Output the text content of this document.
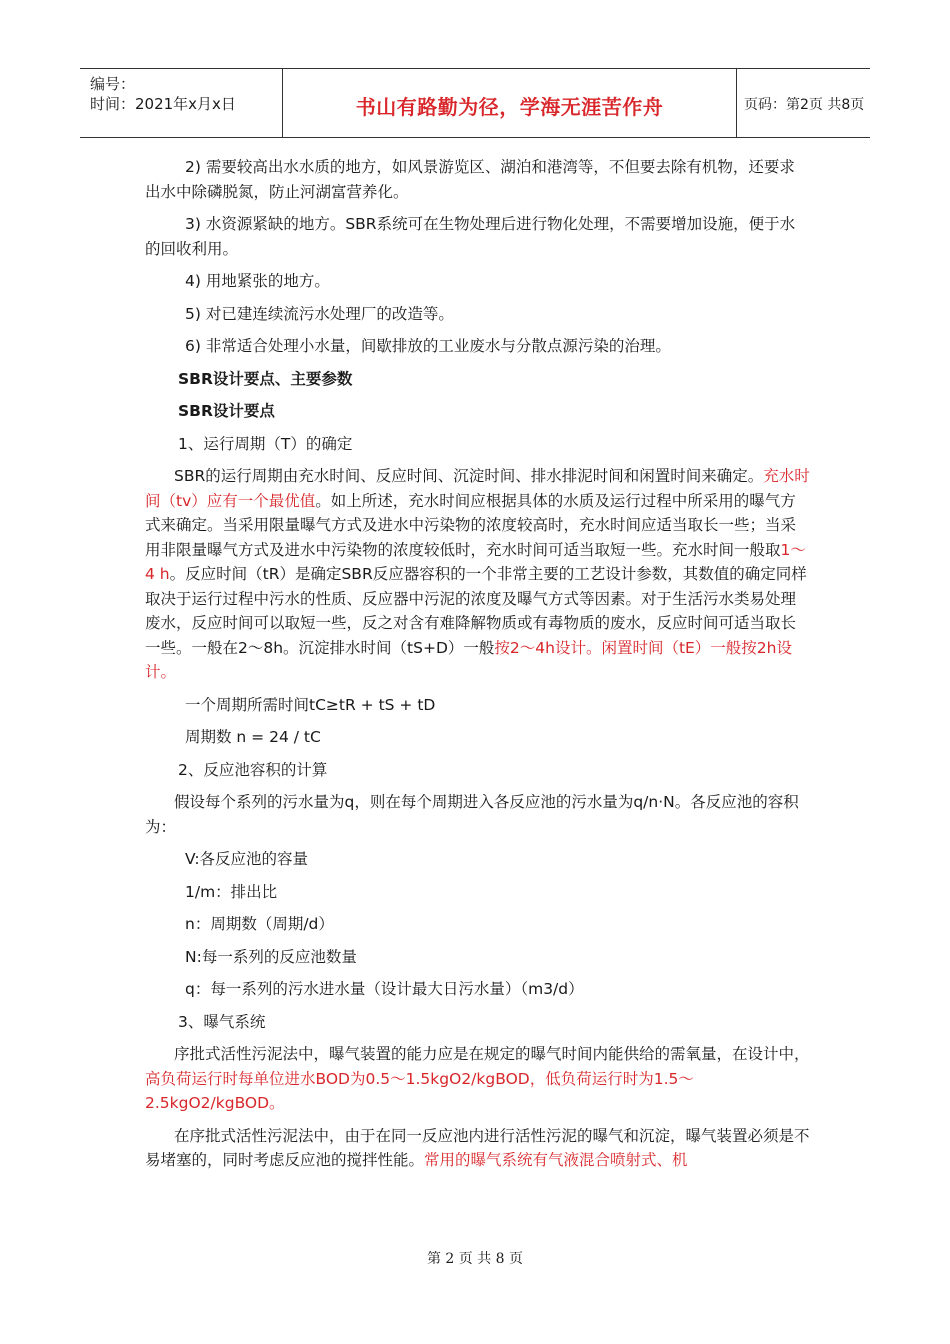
编号：
时间：2021年x月x日	书山有路勤为径，学海无涯苦作舟	页码：第2页 共8页

2) 需要较高出水水质的地方，如风景游览区、湖泊和港湾等，不但要去除有机物，还要求出水中除磷脱氮，防止河湖富营养化。

3) 水资源紧缺的地方。SBR系统可在生物处理后进行物化处理，不需要增加设施，便于水的回收利用。

4) 用地紧张的地方。

5) 对已建连续流污水处理厂的改造等。

6) 非常适合处理小水量，间歇排放的工业废水与分散点源污染的治理。

SBR设计要点、主要参数

SBR设计要点

1、运行周期（T）的确定

SBR的运行周期由充水时间、反应时间、沉淀时间、排水排泥时间和闲置时间来确定。充水时间（tv）应有一个最优值。如上所述，充水时间应根据具体的水质及运行过程中所采用的曝气方式来确定。当采用限量曝气方式及进水中污染物的浓度较高时，充水时间应适当取长一些；当采用非限量曝气方式及进水中污染物的浓度较低时，充水时间可适当取短一些。充水时间一般取1～4 h。反应时间（tR）是确定SBR反应器容积的一个非常主要的工艺设计参数，其数值的确定同样取决于运行过程中污水的性质、反应器中污泥的浓度及曝气方式等因素。对于生活污水类易处理废水，反应时间可以取短一些，反之对含有难降解物质或有毒物质的废水，反应时间可适当取长一些。一般在2～8h。沉淀排水时间（tS+D）一般按2～4h设计。闲置时间（tE）一般按2h设计。

一个周期所需时间tC≥tR + tS + tD

周期数 n = 24 / tC

2、反应池容积的计算

假设每个系列的污水量为q，则在每个周期进入各反应池的污水量为q/n·N。各反应池的容积为：

V:各反应池的容量

1/m：排出比

n：周期数（周期/d）

N:每一系列的反应池数量

q：每一系列的污水进水量（设计最大日污水量）（m3/d）

3、曝气系统

序批式活性污泥法中，曝气装置的能力应是在规定的曝气时间内能供给的需氧量，在设计中，高负荷运行时每单位进水BOD为0.5～1.5kgO2/kgBOD，低负荷运行时为1.5～2.5kgO2/kgBOD。

在序批式活性污泥法中，由于在同一反应池内进行活性污泥的曝气和沉淀，曝气装置必须是不易堵塞的，同时考虑反应池的搅拌性能。常用的曝气系统有气液混合喷射式、机

第 2 页 共 8 页
